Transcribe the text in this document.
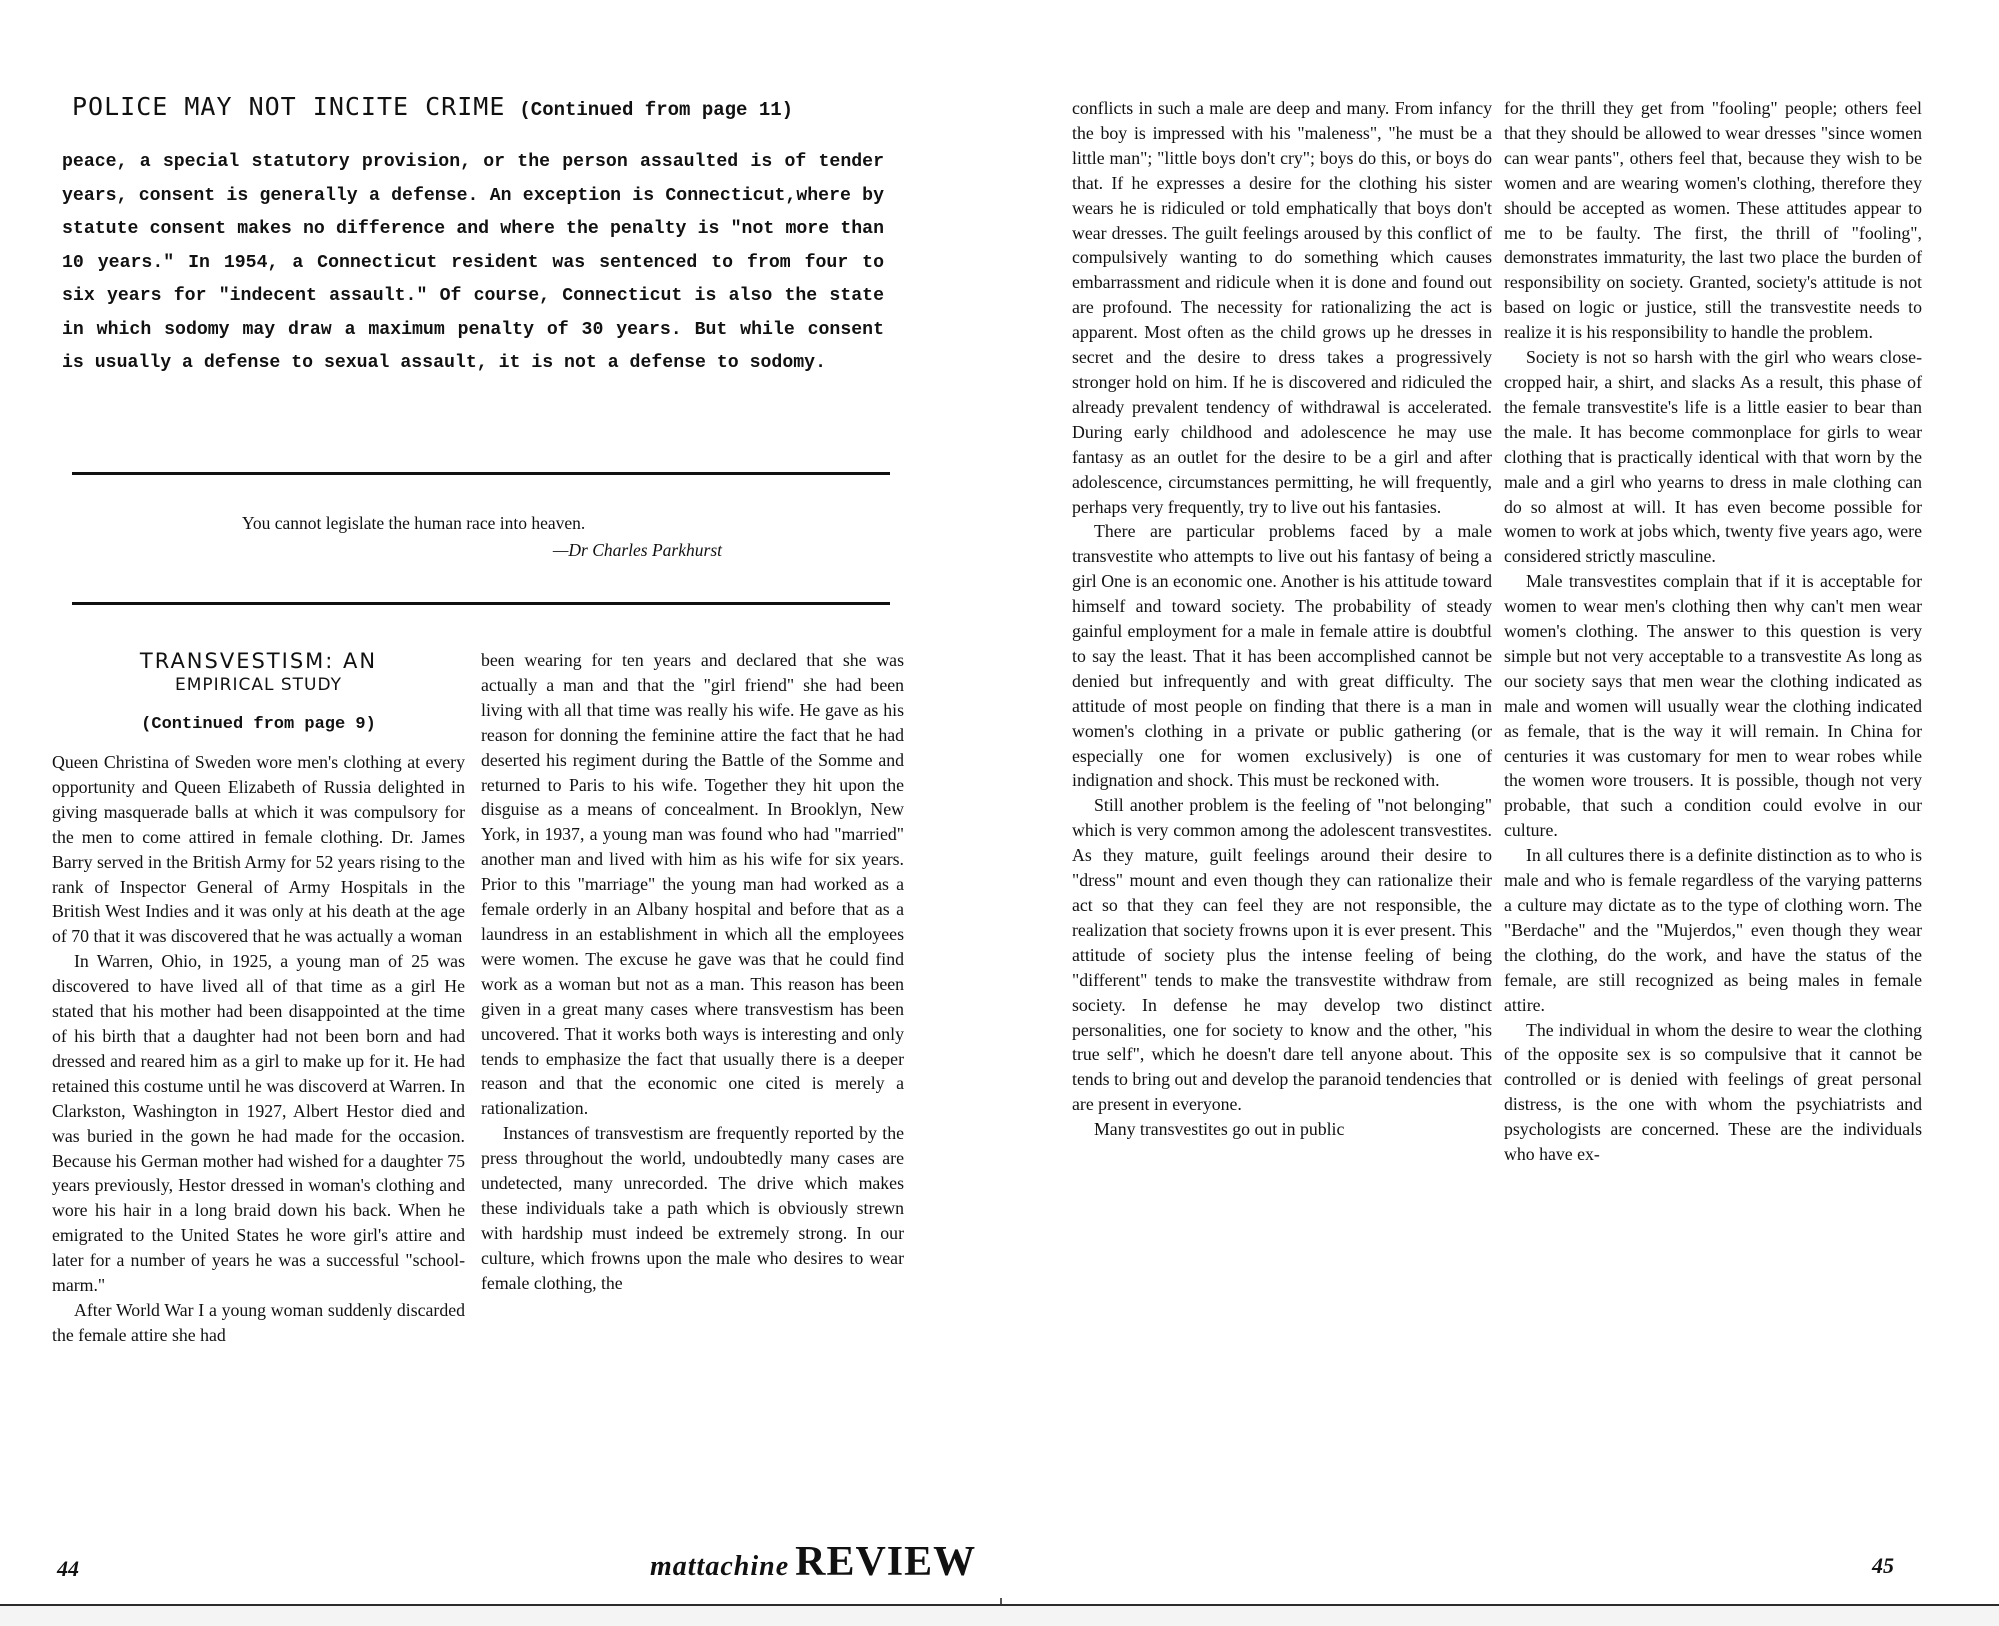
POLICE MAY NOT INCITE CRIME (Continued from page 11)
peace, a special statutory provision, or the person assaulted is of tender years, consent is generally a defense. An exception is Connecticut,where by statute consent makes no difference and where the penalty is "not more than 10 years." In 1954, a Connecticut resident was sentenced to from four to six years for "indecent assault." Of course, Connecticut is also the state in which sodomy may draw a maximum penalty of 30 years. But while consent is usually a defense to sexual assault, it is not a defense to sodomy.
You cannot legislate the human race into heaven.
—Dr Charles Parkhurst
TRANSVESTISM: AN
EMPIRICAL STUDY
(Continued from page 9)

Queen Christina of Sweden wore men's clothing at every opportunity and Queen Elizabeth of Russia delighted in giving masquerade balls at which it was compulsory for the men to come attired in female clothing. Dr. James Barry served in the British Army for 52 years rising to the rank of Inspector General of Army Hospitals in the British West Indies and it was only at his death at the age of 70 that it was discovered that he was actually a woman

In Warren, Ohio, in 1925, a young man of 25 was discovered to have lived all of that time as a girl He stated that his mother had been disappointed at the time of his birth that a daughter had not been born and had dressed and reared him as a girl to make up for it. He had retained this costume until he was discoverd at Warren. In Clarkston, Washington in 1927, Albert Hestor died and was buried in the gown he had made for the occasion. Because his German mother had wished for a daughter 75 years previously, Hestor dressed in woman's clothing and wore his hair in a long braid down his back. When he emigrated to the United States he wore girl's attire and later for a number of years he was a successful "school-marm."

After World War I a young woman suddenly discarded the female attire she had

been wearing for ten years and declared that she was actually a man and that the "girl friend" she had been living with all that time was really his wife. He gave as his reason for donning the feminine attire the fact that he had deserted his regiment during the Battle of the Somme and returned to Paris to his wife. Together they hit upon the disguise as a means of concealment. In Brooklyn, New York, in 1937, a young man was found who had "married" another man and lived with him as his wife for six years. Prior to this "marriage" the young man had worked as a female orderly in an Albany hospital and before that as a laundress in an establishment in which all the employees were women. The excuse he gave was that he could find work as a woman but not as a man. This reason has been given in a great many cases where transvestism has been uncovered. That it works both ways is interesting and only tends to emphasize the fact that usually there is a deeper reason and that the economic one cited is merely a rationalization.

Instances of transvestism are frequently reported by the press throughout the world, undoubtedly many cases are undetected, many unrecorded. The drive which makes these individuals take a path which is obviously strewn with hardship must indeed be extremely strong. In our culture, which frowns upon the male who desires to wear female clothing, the

44	mattachine REVIEW

conflicts in such a male are deep and many. From infancy the boy is impressed with his "maleness", "he must be a little man"; "little boys don't cry"; boys do this, or boys do that. If he expresses a desire for the clothing his sister wears he is ridiculed or told emphatically that boys don't wear dresses. The guilt feelings aroused by this conflict of compulsively wanting to do something which causes embarrassment and ridicule when it is done and found out are profound. The necessity for rationalizing the act is apparent. Most often as the child grows up he dresses in secret and the desire to dress takes a progressively stronger hold on him. If he is discovered and ridiculed the already prevalent tendency of withdrawal is accelerated. During early childhood and adolescence he may use fantasy as an outlet for the desire to be a girl and after adolescence, circumstances permitting, he will frequently, perhaps very frequently, try to live out his fantasies.

There are particular problems faced by a male transvestite who attempts to live out his fantasy of being a girl One is an economic one. Another is his attitude toward himself and toward society. The probability of steady gainful employment for a male in female attire is doubtful to say the least. That it has been accomplished cannot be denied but infrequently and with great difficulty. The attitude of most people on finding that there is a man in women's clothing in a private or public gathering (or especially one for women exclusively) is one of indignation and shock. This must be reckoned with.

Still another problem is the feeling of "not belonging" which is very common among the adolescent transvestites. As they mature, guilt feelings around their desire to "dress" mount and even though they can rationalize their act so that they can feel they are not responsible, the realization that society frowns upon it is ever present. This attitude of society plus the intense feeling of being "different" tends to make the transvestite withdraw from society. In defense he may develop two distinct personalities, one for society to know and the other, "his true self", which he doesn't dare tell anyone about. This tends to bring out and develop the paranoid tendencies that are present in everyone.

Many transvestites go out in public

for the thrill they get from "fooling" people; others feel that they should be allowed to wear dresses "since women can wear pants", others feel that, because they wish to be women and are wearing women's clothing, therefore they should be accepted as women. These attitudes appear to me to be faulty. The first, the thrill of "fooling", demonstrates immaturity, the last two place the burden of responsibility on society. Granted, society's attitude is not based on logic or justice, still the transvestite needs to realize it is his responsibility to handle the problem.

Society is not so harsh with the girl who wears close-cropped hair, a shirt, and slacks As a result, this phase of the female transvestite's life is a little easier to bear than the male. It has become commonplace for girls to wear clothing that is practically identical with that worn by the male and a girl who yearns to dress in male clothing can do so almost at will. It has even become possible for women to work at jobs which, twenty five years ago, were considered strictly masculine.

Male transvestites complain that if it is acceptable for women to wear men's clothing then why can't men wear women's clothing. The answer to this question is very simple but not very acceptable to a transvestite As long as our society says that men wear the clothing indicated as male and women will usually wear the clothing indicated as female, that is the way it will remain. In China for centuries it was customary for men to wear robes while the women wore trousers. It is possible, though not very probable, that such a condition could evolve in our culture.

In all cultures there is a definite distinction as to who is male and who is female regardless of the varying patterns a culture may dictate as to the type of clothing worn. The "Berdache" and the "Mujerdos," even though they wear the clothing, do the work, and have the status of the female, are still recognized as being males in female attire.

The individual in whom the desire to wear the clothing of the opposite sex is so compulsive that it cannot be controlled or is denied with feelings of great personal distress, is the one with whom the psychiatrists and psychologists are concerned. These are the individuals who have ex-

45
